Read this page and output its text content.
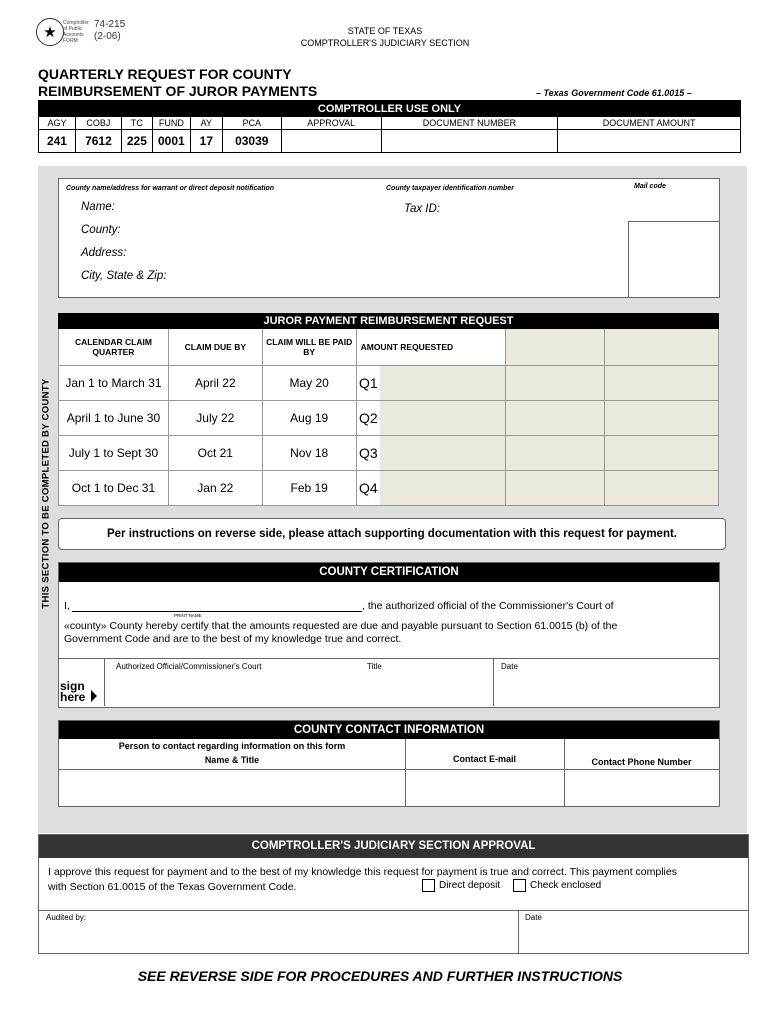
★
Comptroller
of Public
Accounts
FORM
74-215
(2-06)	STATE OF TEXAS
COMPTROLLER'S JUDICIARY SECTION
QUARTERLY REQUEST FOR COUNTY
REIMBURSEMENT OF JUROR PAYMENTS	– Texas Government Code 61.0015 –
COMPTROLLER USE ONLY								
AGY	COBJ	TC	FUND	AY	PCA	APPROVAL	DOCUMENT NUMBER	DOCUMENT AMOUNT
241	7612	225	0001	17	03039			
THIS SECTION TO BE COMPLETED BY COUNTY
County name/address for warrant or direct deposit notification	County taxpayer identification number	Mail code
Name:	Tax ID:
County:
Address:
City, State & Zip:
JUROR PAYMENT REIMBURSEMENT REQUEST						
CALENDAR CLAIM QUARTER	CLAIM DUE BY	CLAIM WILL BE PAID BY	AMOUNT REQUESTED			
Jan 1 to March 31	April 22	May 20	Q1			
April 1 to June 30	July 22	Aug 19	Q2			
July 1 to Sept 30	Oct 21	Nov 18	Q3			
Oct 1 to Dec 31	Jan 22	Feb 19	Q4			
Per instructions on reverse side, please attach supporting documentation with this request for payment.
COUNTY CERTIFICATION
I,
PRINT NAME
, the authorized official of the Commissioner's Court of
«county» County hereby certify that the amounts requested are due and payable pursuant to Section 61.0015 (b) of the
Government Code and are to the best of my knowledge true and correct.
Authorized Official/Commissioner's Court	Title	Date
sign
here
COUNTY CONTACT INFORMATION
Person to contact regarding information on this form
Name & Title	Contact E-mail	Contact Phone Number
COMPTROLLER'S JUDICIARY SECTION APPROVAL
I approve this request for payment and to the best of my knowledge this request for payment is true and correct. This payment complies
with Section 61.0015 of the Texas Government Code.	Direct deposit	Check enclosed
Audited by:	Date
SEE REVERSE SIDE FOR PROCEDURES AND FURTHER INSTRUCTIONS
